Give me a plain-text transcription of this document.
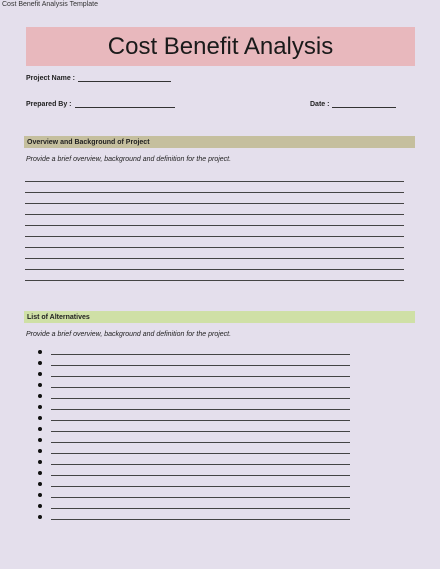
Cost Benefit Analysis Template
Cost Benefit Analysis
Project Name :
Prepared By :	Date :
Overview and Background of Project
Provide a brief overview, background and definition for the project.
List of Alternatives
Provide a brief overview, background and definition for the project.
